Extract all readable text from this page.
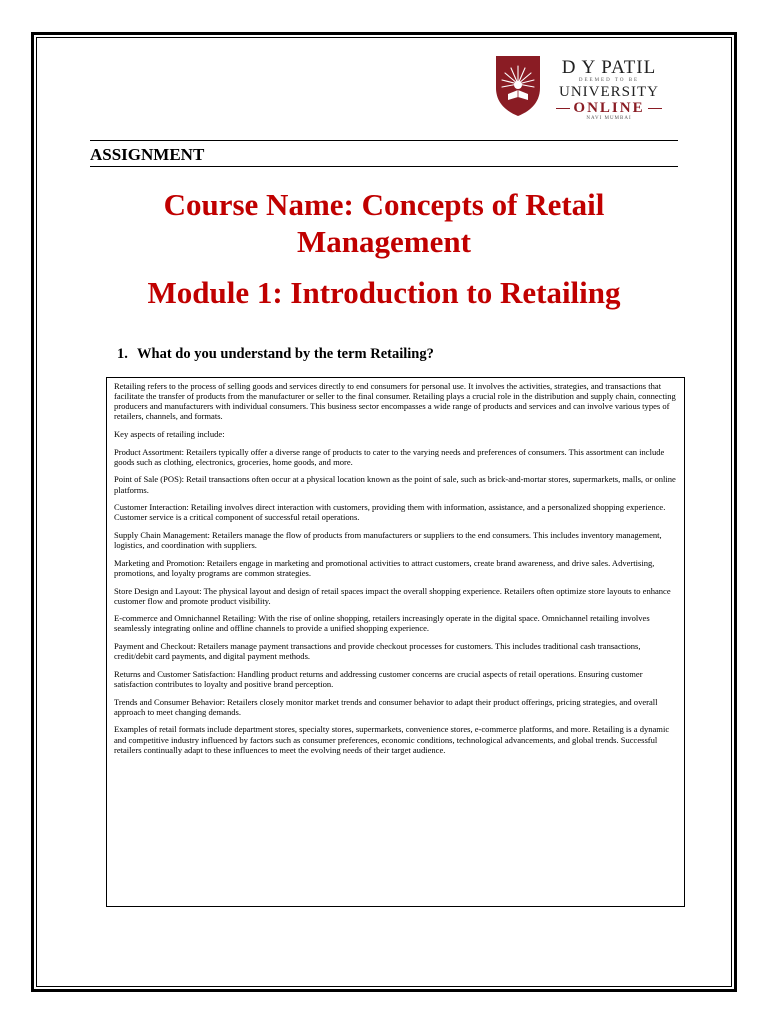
D Y PATIL
DEEMED TO BE
UNIVERSITY
ONLINE
NAVI MUMBAI
ASSIGNMENT
Course Name: Concepts of Retail Management
Module 1: Introduction to Retailing
1. What do you understand by the term Retailing?

Retailing refers to the process of selling goods and services directly to end consumers for personal use. It involves the activities, strategies, and transactions that facilitate the transfer of products from the manufacturer or seller to the final consumer. Retailing plays a crucial role in the distribution and supply chain, connecting producers and manufacturers with individual consumers. This business sector encompasses a wide range of products and services and can involve various types of retailers, channels, and formats.

Key aspects of retailing include:

Product Assortment: Retailers typically offer a diverse range of products to cater to the varying needs and preferences of consumers. This assortment can include goods such as clothing, electronics, groceries, home goods, and more.

Point of Sale (POS): Retail transactions often occur at a physical location known as the point of sale, such as brick-and-mortar stores, supermarkets, malls, or online platforms.

Customer Interaction: Retailing involves direct interaction with customers, providing them with information, assistance, and a personalized shopping experience. Customer service is a critical component of successful retail operations.

Supply Chain Management: Retailers manage the flow of products from manufacturers or suppliers to the end consumers. This includes inventory management, logistics, and coordination with suppliers.

Marketing and Promotion: Retailers engage in marketing and promotional activities to attract customers, create brand awareness, and drive sales. Advertising, promotions, and loyalty programs are common strategies.

Store Design and Layout: The physical layout and design of retail spaces impact the overall shopping experience. Retailers often optimize store layouts to enhance customer flow and promote product visibility.

E-commerce and Omnichannel Retailing: With the rise of online shopping, retailers increasingly operate in the digital space. Omnichannel retailing involves seamlessly integrating online and offline channels to provide a unified shopping experience.

Payment and Checkout: Retailers manage payment transactions and provide checkout processes for customers. This includes traditional cash transactions, credit/debit card payments, and digital payment methods.

Returns and Customer Satisfaction: Handling product returns and addressing customer concerns are crucial aspects of retail operations. Ensuring customer satisfaction contributes to loyalty and positive brand perception.

Trends and Consumer Behavior: Retailers closely monitor market trends and consumer behavior to adapt their product offerings, pricing strategies, and overall approach to meet changing demands.

Examples of retail formats include department stores, specialty stores, supermarkets, convenience stores, e-commerce platforms, and more. Retailing is a dynamic and competitive industry influenced by factors such as consumer preferences, economic conditions, technological advancements, and global trends. Successful retailers continually adapt to these influences to meet the evolving needs of their target audience.
